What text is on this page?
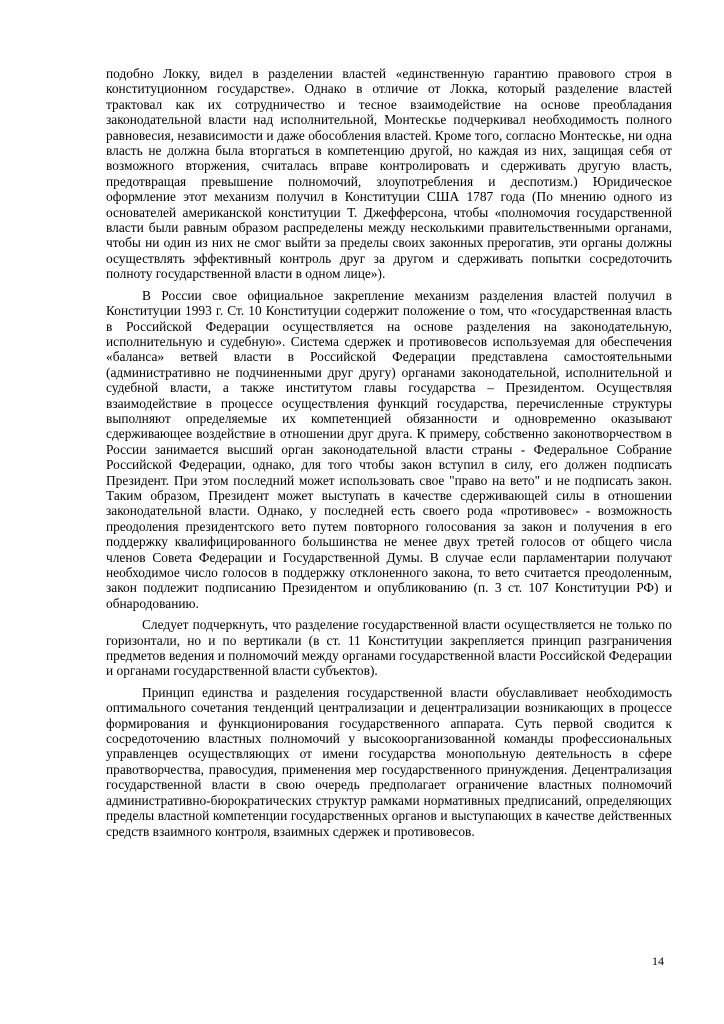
подобно Локку, видел в разделении властей «единственную гарантию правового строя в конституционном государстве». Однако в отличие от Локка, который разделение властей трактовал как их сотрудничество и тесное взаимодействие на основе преобладания законодательной власти над исполнительной, Монтескье подчеркивал необходимость полного равновесия, независимости и даже обособления властей. Кроме того, согласно Монтескье, ни одна власть не должна была вторгаться в компетенцию другой, но каждая из них, защищая себя от возможного вторжения, считалась вправе контролировать и сдерживать другую власть, предотвращая превышение полномочий, злоупотребления и деспотизм.) Юридическое оформление этот механизм получил в Конституции США 1787 года (По мнению одного из основателей американской конституции Т. Джефферсона, чтобы «полномочия государственной власти были равным образом распределены между несколькими правительственными органами, чтобы ни один из них не смог выйти за пределы своих законных прерогатив, эти органы должны осуществлять эффективный контроль друг за другом и сдерживать попытки сосредоточить полноту государственной власти в одном лице»).

В России свое официальное закрепление механизм разделения властей получил в Конституции 1993 г. Ст. 10 Конституции содержит положение о том, что «государственная власть в Российской Федерации осуществляется на основе разделения на законодательную, исполнительную и судебную». Система сдержек и противовесов используемая для обеспечения «баланса» ветвей власти в Российской Федерации представлена самостоятельными (административно не подчиненными друг другу) органами законодательной, исполнительной и судебной власти, а также институтом главы государства – Президентом. Осуществляя взаимодействие в процессе осуществления функций государства, перечисленные структуры выполняют определяемые их компетенцией обязанности и одновременно оказывают сдерживающее воздействие в отношении друг друга. К примеру, собственно законотворчеством в России занимается высший орган законодательной власти страны - Федеральное Собрание Российской Федерации, однако, для того чтобы закон вступил в силу, его должен подписать Президент. При этом последний может использовать свое "право на вето" и не подписать закон. Таким образом, Президент может выступать в качестве сдерживающей силы в отношении законодательной власти. Однако, у последней есть своего рода «противовес» - возможность преодоления президентского вето путем повторного голосования за закон и получения в его поддержку квалифицированного большинства не менее двух третей голосов от общего числа членов Совета Федерации и Государственной Думы. В случае если парламентарии получают необходимое число голосов в поддержку отклоненного закона, то вето считается преодоленным, закон подлежит подписанию Президентом и опубликованию (п. 3 ст. 107 Конституции РФ) и обнародованию.

Следует подчеркнуть, что разделение государственной власти осуществляется не только по горизонтали, но и по вертикали (в ст. 11 Конституции закрепляется принцип разграничения предметов ведения и полномочий между органами государственной власти Российской Федерации и органами государственной власти субъектов).

Принцип единства и разделения государственной власти обуславливает необходимость оптимального сочетания тенденций централизации и децентрализации возникающих в процессе формирования и функционирования государственного аппарата. Суть первой сводится к сосредоточению властных полномочий у высокоорганизованной команды профессиональных управленцев осуществляющих от имени государства монопольную деятельность в сфере правотворчества, правосудия, применения мер государственного принуждения. Децентрализация государственной власти в свою очередь предполагает ограничение властных полномочий административно-бюрократических структур рамками нормативных предписаний, определяющих пределы властной компетенции государственных органов и выступающих в качестве действенных средств взаимного контроля, взаимных сдержек и противовесов.

14
